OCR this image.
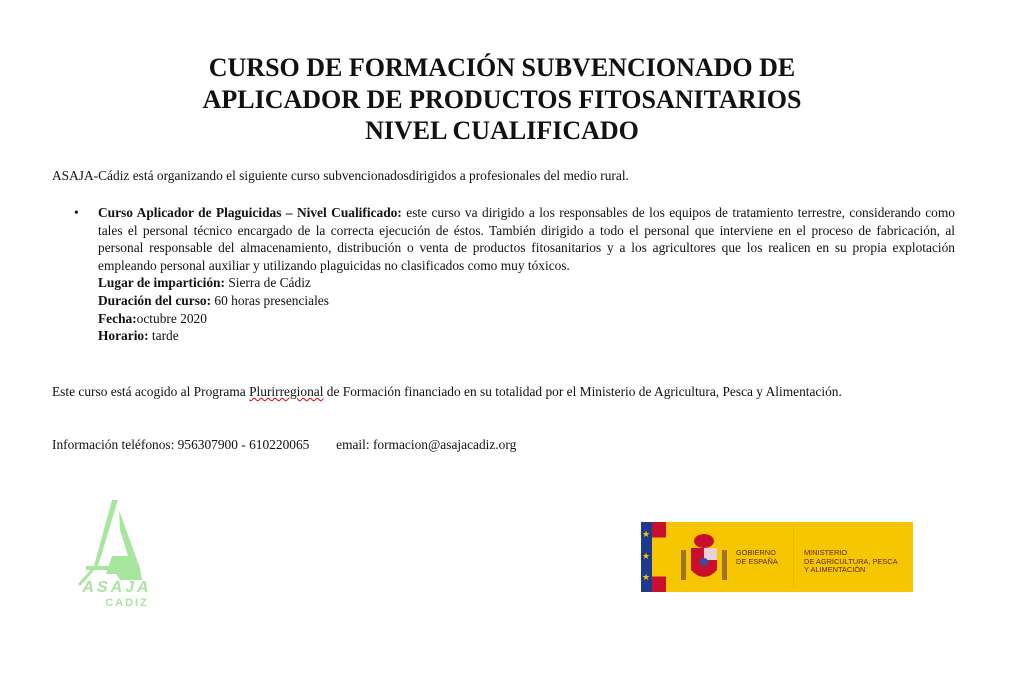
CURSO DE FORMACIÓN SUBVENCIONADO DE
APLICADOR DE PRODUCTOS FITOSANITARIOS
NIVEL CUALIFICADO
ASAJA-Cádiz está organizando el siguiente curso subvencionadosdirigidos a profesionales del medio rural.
• Curso Aplicador de Plaguicidas – Nivel Cualificado: este curso va dirigido a los responsables de los equipos de tratamiento terrestre, considerando como tales el personal técnico encargado de la correcta ejecución de éstos. También dirigido a todo el personal que interviene en el proceso de fabricación, al personal responsable del almacenamiento, distribución o venta de productos fitosanitarios y a los agricultores que los realicen en su propia explotación empleando personal auxiliar y utilizando plaguicidas no clasificados como muy tóxicos.
Lugar de impartición: Sierra de Cádiz
Duración del curso: 60 horas presenciales
Fecha:octubre 2020
Horario: tarde
Este curso está acogido al Programa Plurirregional de Formación financiado en su totalidad por el Ministerio de Agricultura, Pesca y Alimentación.
Información teléfonos: 956307900 - 610220065        email: formacion@asajacadiz.org
ASAJA
CADIZ
★
★
★
GOBIERNO
DE ESPAÑA
MINISTERIO
DE AGRICULTURA, PESCA
Y ALIMENTACIÓN
